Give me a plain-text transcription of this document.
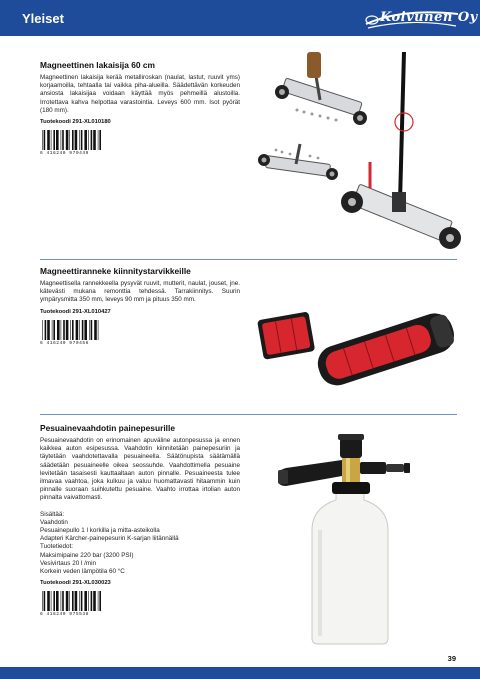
Yleiset	Koivunen Oy
Magneettinen lakaisija 60 cm
Magneettinen lakaisija kerää metalliroskan (naulat, lastut, ruuvit yms) korjaamoilla, tehtaalla tai vaikka piha-alueilla. Säädettävän korkeuden ansiosta lakaisijaa voidaan käyttää myös pehmeillä alustoilla. Irrotettava kahva helpottaa varastointia. Leveys 600 mm. Isot pyörät (180 mm).
Tuotekoodi 291-XL010180
6 416240 970449
Magneettiranneke kiinnitystarvikkeille
Magneettisella rannekkeella pysyvät ruuvit, mutterit, naulat, jouset, jne. kätevästi mukana remonttia tehdessä. Tarrakiinnitys. Suurin ympärysmitta 350 mm, leveys 90 mm ja pituus 350 mm.
Tuotekoodi 291-XL010427
6 416240 970456
Pesuainevaahdotin painepesurille
Pesuainevaahdotin on erinomainen apuväline autonpesussa ja ennen kaikkea auton esipesussa. Vaahdotin kiinnitetään painepesuriin ja täytetään vaahdotettavalla pesuaineella. Säätönupista säätämällä säädetään pesuaineelle oikea seossuhde. Vaahdottimella pesuaine levitetään tasaisesti kauttaaltaan auton pinnalle. Pesuaineesta tulee ilmavaa vaahtoa, joka kulkuu ja valuu huomattavasti hitaammin kuin pinnalle suoraan suihkutettu pesuaine. Vaahto irrottaa irtolian auton pinnalta vaivattomasti.
Sisältää:
Vaahdotin
Pesuainepullo 1 l korkilla ja mitta-asteikolla
Adapteri Kärcher-painepesurin K-sarjan liitännällä
Tuotetiedot:
Maksimipaine 220 bar (3200 PSI)
Vesivirtaus 20 l /min
Korkein veden lämpötila 60 °C
Tuotekoodi 291-XL030023
6 416240 975538
39
